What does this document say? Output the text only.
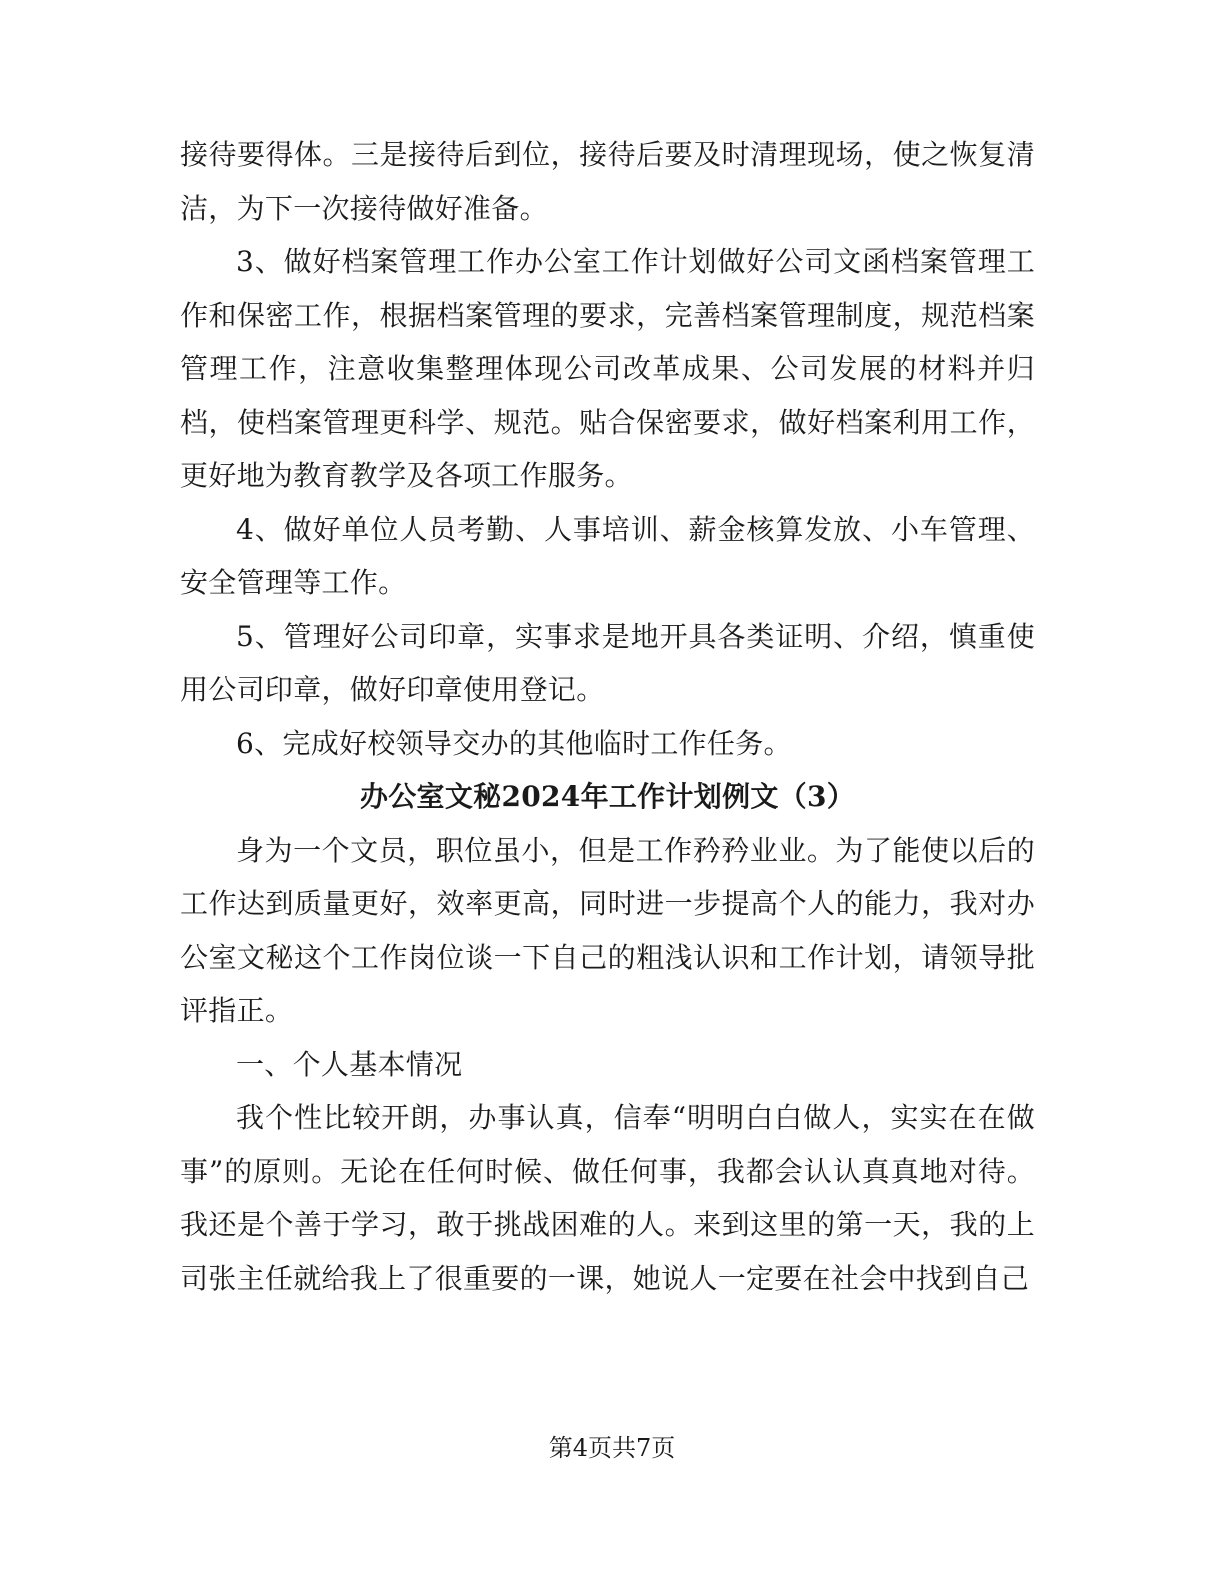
接待要得体。三是接待后到位，接待后要及时清理现场，使之恢复清洁，为下一次接待做好准备。

3、做好档案管理工作办公室工作计划做好公司文函档案管理工作和保密工作，根据档案管理的要求，完善档案管理制度，规范档案管理工作，注意收集整理体现公司改革成果、公司发展的材料并归档，使档案管理更科学、规范。贴合保密要求，做好档案利用工作，更好地为教育教学及各项工作服务。

4、做好单位人员考勤、人事培训、薪金核算发放、小车管理、安全管理等工作。

5、管理好公司印章，实事求是地开具各类证明、介绍，慎重使用公司印章，做好印章使用登记。

6、完成好校领导交办的其他临时工作任务。

办公室文秘2024年工作计划例文（3）

身为一个文员，职位虽小，但是工作矜矜业业。为了能使以后的工作达到质量更好，效率更高，同时进一步提高个人的能力，我对办公室文秘这个工作岗位谈一下自己的粗浅认识和工作计划，请领导批评指正。

一、个人基本情况

我个性比较开朗，办事认真，信奉“明明白白做人，实实在在做事”的原则。无论在任何时候、做任何事，我都会认认真真地对待。我还是个善于学习，敢于挑战困难的人。来到这里的第一天，我的上司张主任就给我上了很重要的一课，她说人一定要在社会中找到自己

第4页共7页
